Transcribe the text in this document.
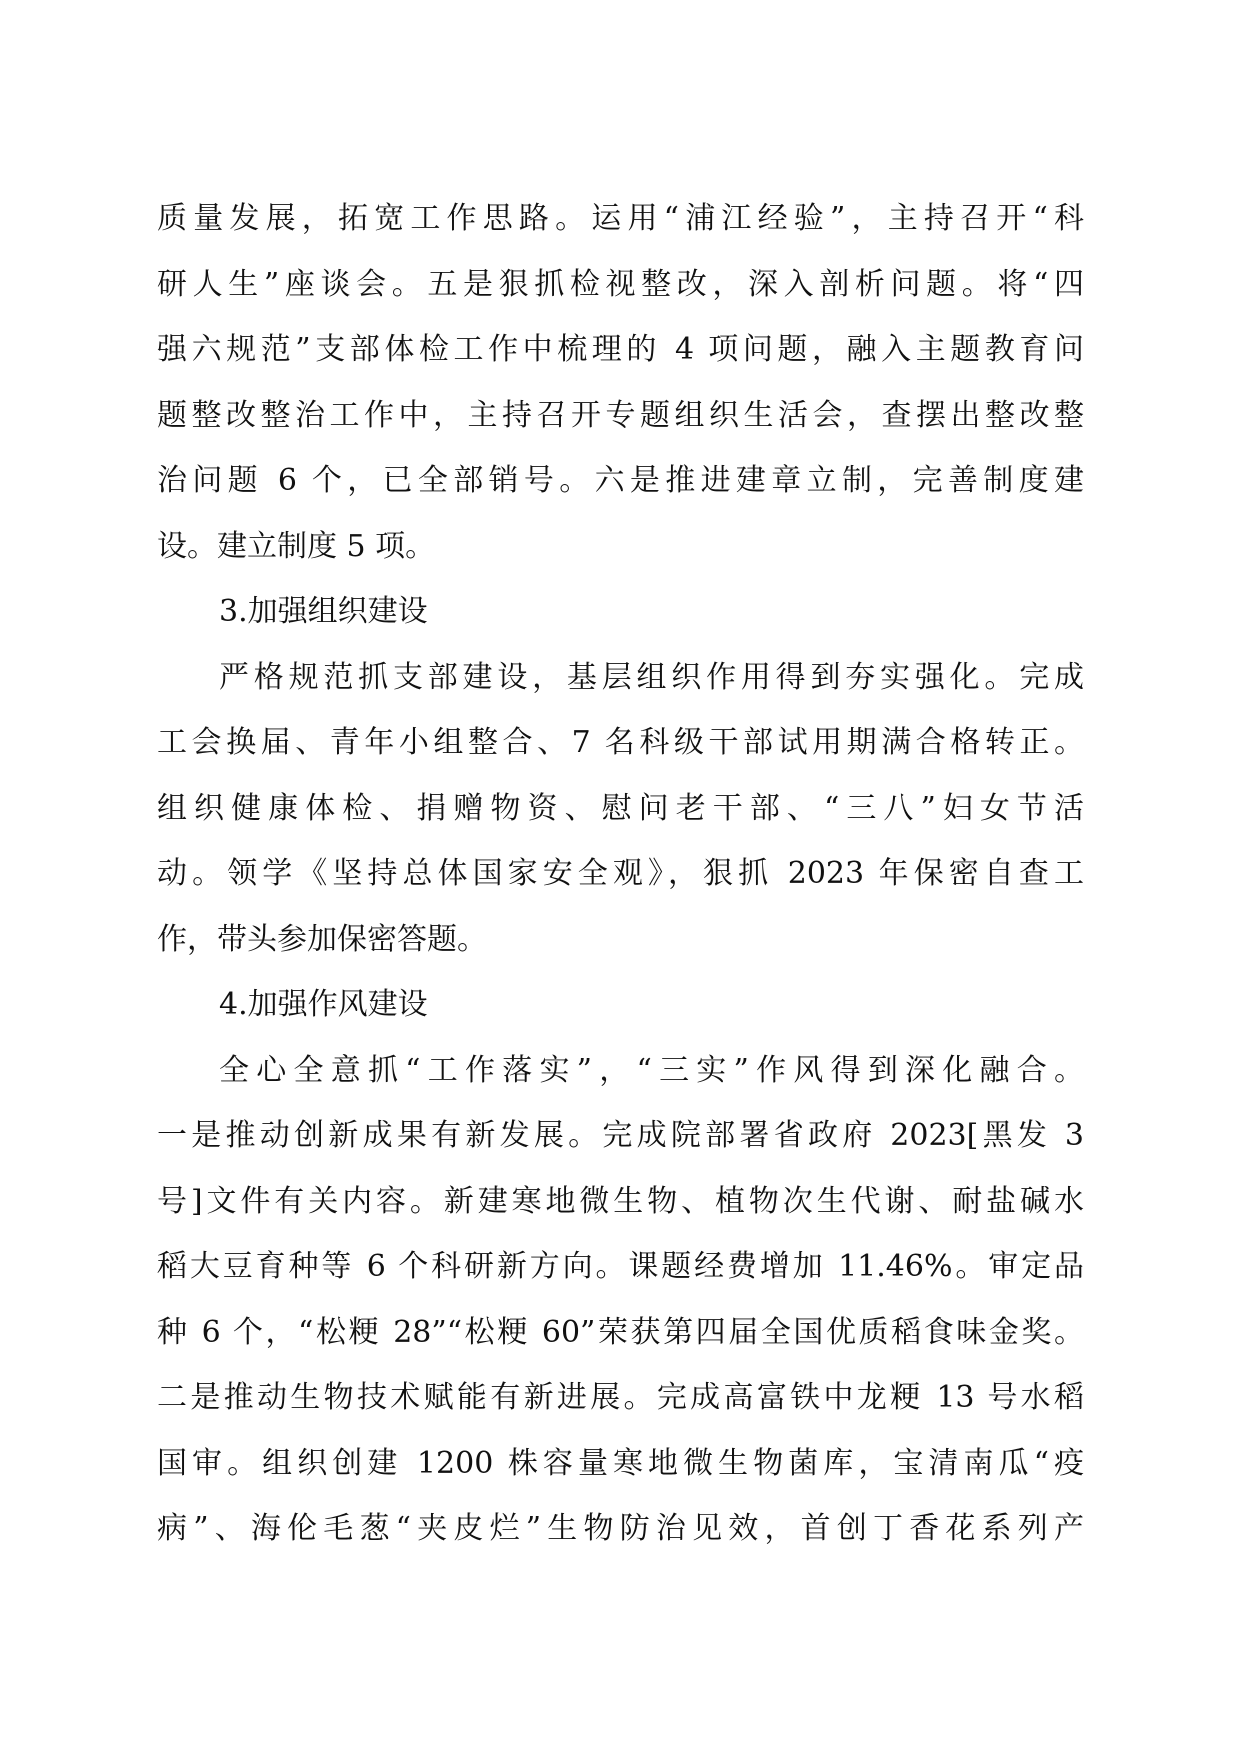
质量发展，拓宽工作思路。运用“浦江经验”，主持召开“科
研人生”座谈会。五是狠抓检视整改，深入剖析问题。将“四
强六规范”支部体检工作中梳理的 4 项问题，融入主题教育问
题整改整治工作中，主持召开专题组织生活会，查摆出整改整
治问题 6 个，已全部销号。六是推进建章立制，完善制度建
设。建立制度 5 项。
3.加强组织建设
严格规范抓支部建设，基层组织作用得到夯实强化。完成
工会换届、青年小组整合、7 名科级干部试用期满合格转正。
组织健康体检、捐赠物资、慰问老干部、“三八”妇女节活
动。领学《坚持总体国家安全观》，狠抓 2023 年保密自查工
作，带头参加保密答题。
4.加强作风建设
全心全意抓“工作落实”，“三实”作风得到深化融合。
一是推动创新成果有新发展。完成院部署省政府 2023[黑发 3
号]文件有关内容。新建寒地微生物、植物次生代谢、耐盐碱水
稻大豆育种等 6 个科研新方向。课题经费增加 11.46%。审定品
种 6 个，“松粳 28”“松粳 60”荣获第四届全国优质稻食味金奖。
二是推动生物技术赋能有新进展。完成高富铁中龙粳 13 号水稻
国审。组织创建 1200 株容量寒地微生物菌库，宝清南瓜“疫
病”、海伦毛葱“夹皮烂”生物防治见效，首创丁香花系列产
